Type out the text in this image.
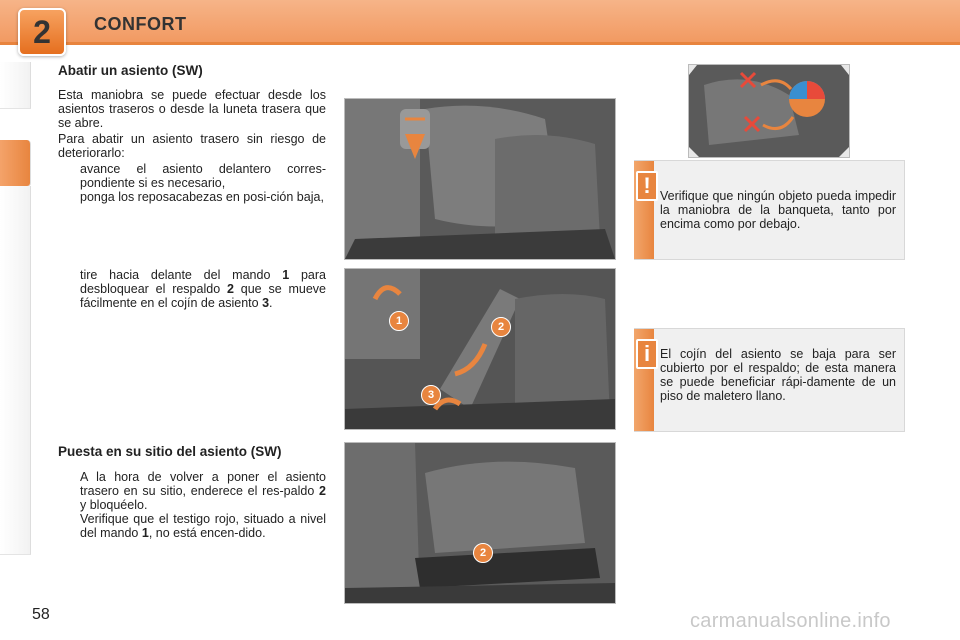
2	CONFORT
Abatir un asiento (SW)

Esta maniobra se puede efectuar desde los asientos traseros o desde la luneta trasera que se abre.

Para abatir un asiento trasero sin riesgo de deteriorarlo:

avance el asiento delantero corres-pondiente si es necesario,
ponga los reposacabezas en posi-ción baja,
tire hacia delante del mando 1 para desbloquear el respaldo 2 que se mueve fácilmente en el cojín de asiento 3.
Puesta en su sitio del asiento (SW)
A la hora de volver a poner el asiento trasero en su sitio, enderece el res-paldo 2 y bloquéelo.
Verifique que el testigo rojo, situado a nivel del mando 1, no está encen-dido.
1	2
3
2
! Verifique que ningún objeto pueda impedir la maniobra de la banqueta, tanto por encima como por debajo.
i El cojín del asiento se baja para ser cubierto por el respaldo; de esta manera se puede beneficiar rápi-damente de un piso de maletero llano.
58	carmanualsonline.info
